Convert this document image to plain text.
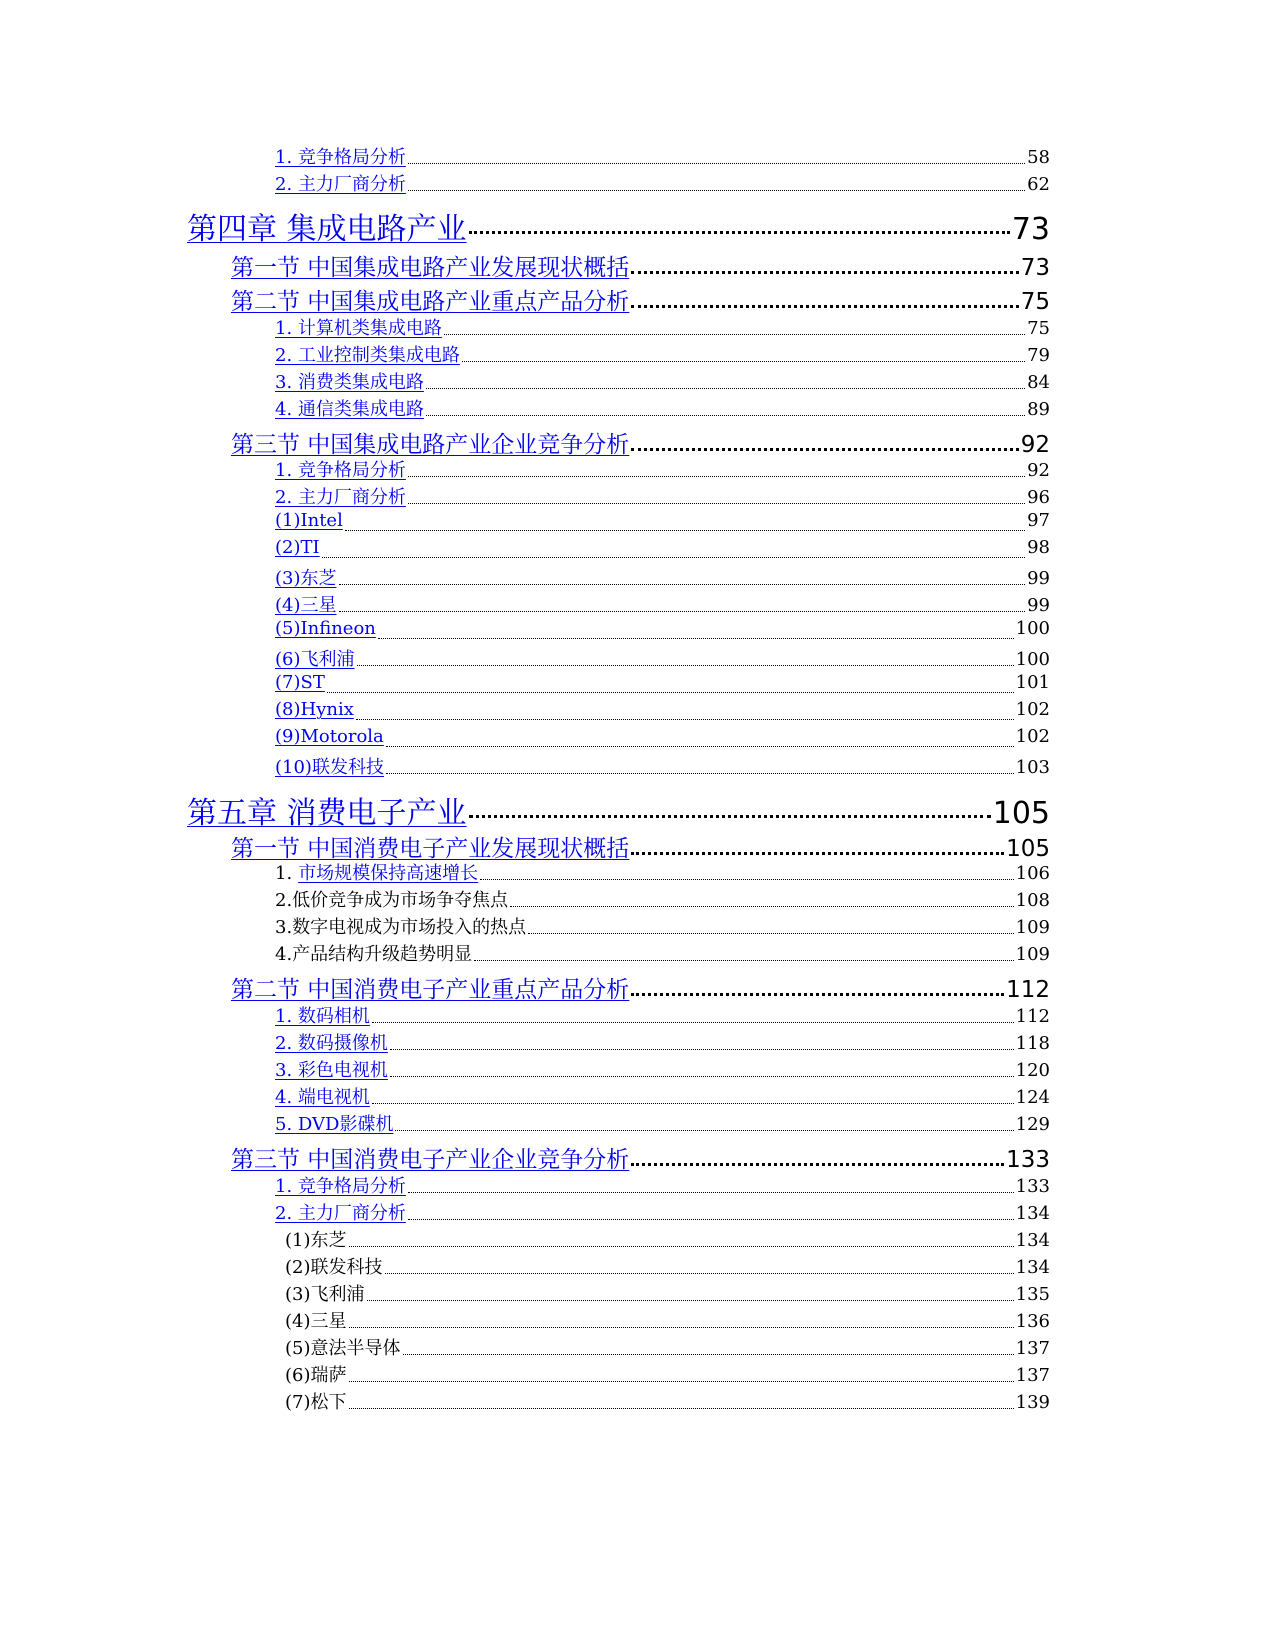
1. 竞争格局分析	58
2. 主力厂商分析	62
第四章 集成电路产业	73
第一节 中国集成电路产业发展现状概括	73
第二节 中国集成电路产业重点产品分析	75
1. 计算机类集成电路	75
2. 工业控制类集成电路	79
3. 消费类集成电路	84
4. 通信类集成电路	89
第三节 中国集成电路产业企业竞争分析	92
1. 竞争格局分析	92
2. 主力厂商分析	96
(1)Intel	97
(2)TI	98
(3)东芝	99
(4)三星	99
(5)Infineon	100
(6)飞利浦	100
(7)ST	101
(8)Hynix	102
(9)Motorola	102
(10)联发科技	103
第五章 消费电子产业	105
第一节 中国消费电子产业发展现状概括	105
1. 市场规模保持高速增长	106
2.低价竞争成为市场争夺焦点	108
3.数字电视成为市场投入的热点	109
4.产品结构升级趋势明显	109
第二节 中国消费电子产业重点产品分析	112
1. 数码相机	112
2. 数码摄像机	118
3. 彩色电视机	120
4. 端电视机	124
5. DVD影碟机	129
第三节 中国消费电子产业企业竞争分析	133
1. 竞争格局分析	133
2. 主力厂商分析	134
(1)东芝	134
(2)联发科技	134
(3)飞利浦	135
(4)三星	136
(5)意法半导体	137
(6)瑞萨	137
(7)松下	139
